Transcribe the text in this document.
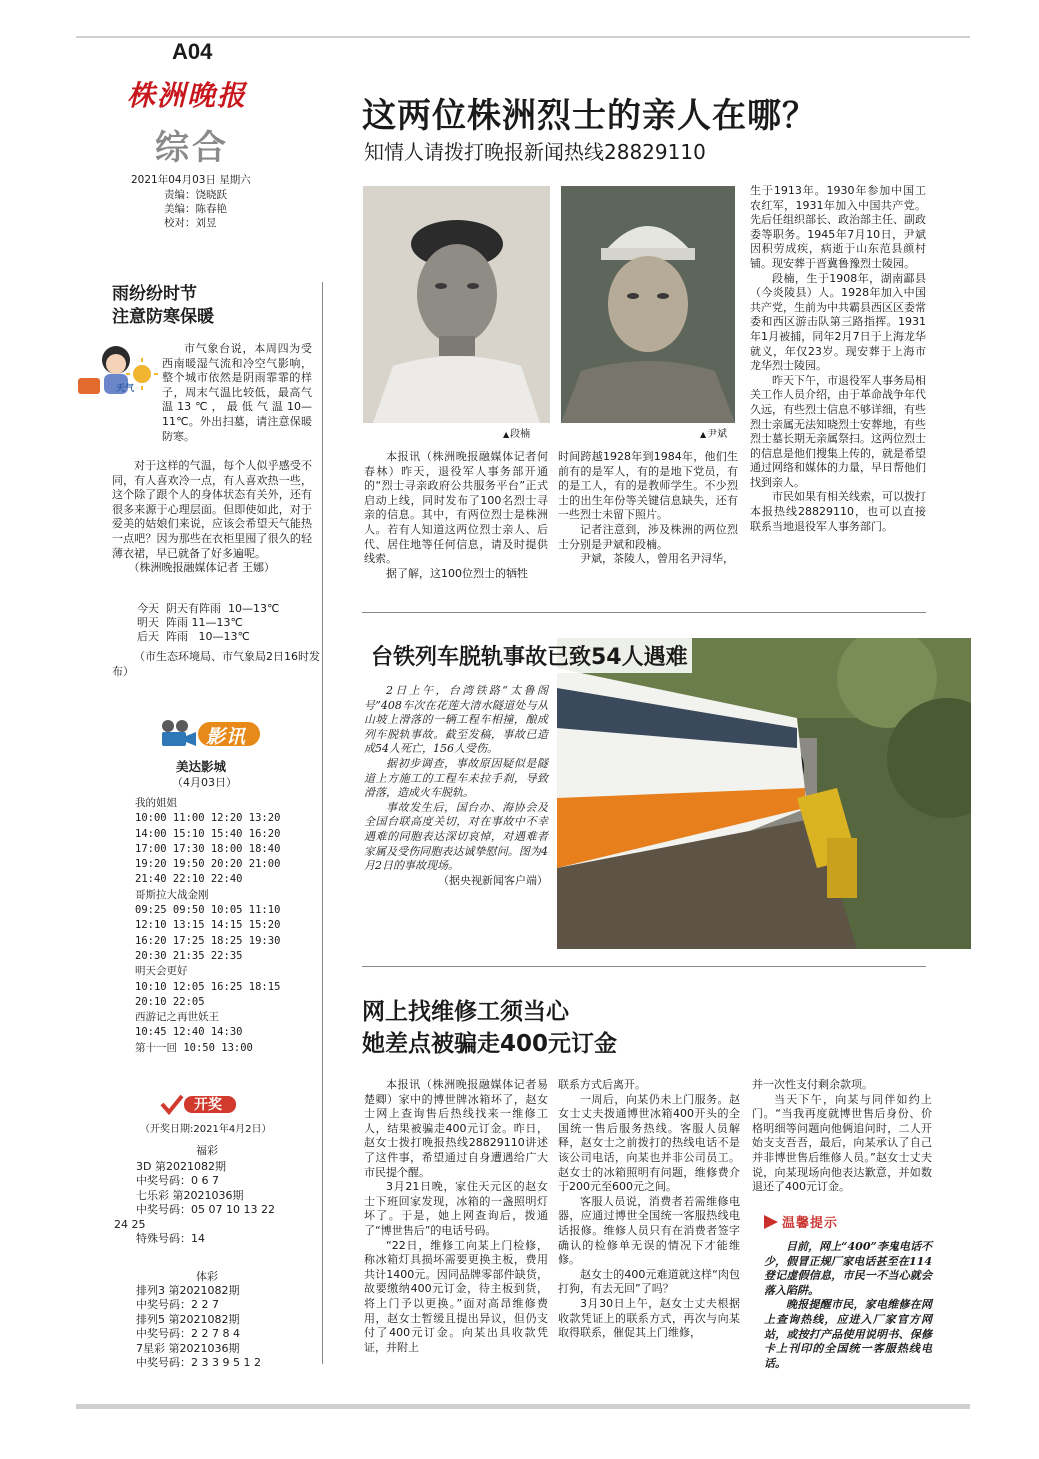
A04
株洲晚报
综合
2021年04月03日 星期六
责编：饶晓跃
美编：陈春艳
校对：刘昱
雨纷纷时节
注意防寒保暖
天气

市气象台说，本周四为受西南暖湿气流和冷空气影响，整个城市依然是阴雨霏霏的样子，周末气温比较低，最高气温13℃，最低气温10—11℃。外出扫墓，请注意保暖防寒。

对于这样的气温，每个人似乎感受不同，有人喜欢冷一点，有人喜欢热一些，这个除了跟个人的身体状态有关外，还有很多来源于心理层面。但即使如此，对于爱美的姑娘们来说，应该会希望天气能热一点吧？因为那些在衣柜里囤了很久的轻薄衣裙，早已就备了好多遍呢。

（株洲晚报融媒体记者 王娜）

今天  阴天有阵雨  10—13℃
明天  阵雨 11—13℃
后天  阵雨   10—13℃
（市生态环境局、市气象局2日16时发布）
影讯
美达影城
（4月03日）
我的姐姐
10:00 11:00 12:20 13:20
14:00 15:10 15:40 16:20
17:00 17:30 18:00 18:40
19:20 19:50 20:20 21:00
21:40 22:10 22:40
哥斯拉大战金刚
09:25 09:50 10:05 11:10
12:10 13:15 14:15 15:20
16:20 17:25 18:25 19:30
20:30 21:35 22:35
明天会更好
10:10 12:05 16:25 18:15
20:10 22:05
西游记之再世妖王
10:45 12:40 14:30
第十一回 10:50 13:00
开奖
（开奖日期:2021年4月2日）
福彩
3D 第2021082期
中奖号码：0 6 7
七乐彩 第2021036期
中奖号码：05 07 10 13 22
24 25
特殊号码：14
体彩
排列3 第2021082期
中奖号码：2 2 7
排列5 第2021082期
中奖号码：2 2 7 8 4
7星彩 第2021036期
中奖号码：2 3 3 9 5 1 2
这两位株洲烈士的亲人在哪？
知情人请拨打晚报新闻热线28829110
▲ 段楠
▲	尹斌

本报讯（株洲晚报融媒体记者何春林）昨天，退役军人事务部开通的“烈士寻亲政府公共服务平台”正式启动上线，同时发布了100名烈士寻亲的信息。其中，有两位烈士是株洲人。若有人知道这两位烈士亲人、后代、居住地等任何信息，请及时提供线索。

据了解，这100位烈士的牺牲

时间跨越1928年到1984年，他们生前有的是军人，有的是地下党员，有的是工人，有的是教师学生。不少烈士的出生年份等关键信息缺失，还有一些烈士未留下照片。

记者注意到，涉及株洲的两位烈士分别是尹斌和段楠。

尹斌，茶陵人，曾用名尹浔华，

生于1913年。1930年参加中国工农红军，1931年加入中国共产党。先后任组织部长、政治部主任、副政委等职务。1945年7月10日，尹斌因积劳成疾，病逝于山东范县颜村铺。现安葬于晋冀鲁豫烈士陵园。

段楠，生于1908年，湖南酃县（今炎陵县）人。1928年加入中国共产党，生前为中共霸县西区区委常委和西区游击队第三路指挥。1931年1月被捕，同年2月7日于上海龙华就义，年仅23岁。现安葬于上海市龙华烈士陵园。

昨天下午，市退役军人事务局相关工作人员介绍，由于革命战争年代久远，有些烈士信息不够详细，有些烈士亲属无法知晓烈士安葬地，有些烈士墓长期无亲属祭扫。这两位烈士的信息是他们搜集上传的，就是希望通过网络和媒体的力量，早日帮他们找到亲人。

市民如果有相关线索，可以拨打本报热线28829110，也可以直接联系当地退役军人事务部门。

台铁列车脱轨事故已致54人遇难

2日上午，台湾铁路“太鲁阁号”408车次在花莲大清水隧道处与从山坡上滑落的一辆工程车相撞，酿成列车脱轨事故。截至发稿，事故已造成54人死亡，156人受伤。

据初步调查，事故原因疑似是隧道上方施工的工程车未拉手刹，导致滑落，造成火车脱轨。

事故发生后，国台办、海协会及全国台联高度关切，对在事故中不幸遇难的同胞表达深切哀悼，对遇难者家属及受伤同胞表达诚挚慰问。图为4月2日的事故现场。

（据央视新闻客户端）

网上找维修工须当心
她差点被骗走400元订金

本报讯（株洲晚报融媒体记者易楚卿）家中的博世牌冰箱坏了，赵女士网上查询售后热线找来一维修工人，结果被骗走400元订金。昨日，赵女士拨打晚报热线28829110讲述了这件事，希望通过自身遭遇给广大市民提个醒。

3月21日晚，家住天元区的赵女士下班回家发现，冰箱的一盏照明灯坏了。于是，她上网查询后，拨通了“博世售后”的电话号码。

“22日，维修工向某上门检修，称冰箱灯具损坏需要更换主板，费用共计1400元。因同品牌零部件缺货，故要缴纳400元订金，待主板到货，将上门予以更换。”面对高昂维修费用，赵女士暂缓且提出异议，但仍支付了400元订金。向某出具收款凭证，并附上

联系方式后离开。

一周后，向某仍未上门服务。赵女士丈夫拨通博世冰箱400开头的全国统一售后服务热线。客服人员解释，赵女士之前拨打的热线电话不是该公司电话，向某也并非公司员工。赵女士的冰箱照明有问题，维修费介于200元至600元之间。

客服人员说，消费者若需维修电器，应通过博世全国统一客服热线电话报修。维修人员只有在消费者签字确认的检修单无误的情况下才能维修。

赵女士的400元难道就这样“肉包打狗，有去无回”了吗？

3月30日上午，赵女士丈夫根据收款凭证上的联系方式，再次与向某取得联系，催促其上门维修，

并一次性支付剩余款项。

当天下午，向某与同伴如约上门。“当我再度就博世售后身份、价格明细等问题向他俩追问时，二人开始支支吾吾，最后，向某承认了自己并非博世售后维修人员。”赵女士丈夫说，向某现场向他表达歉意，并如数退还了400元订金。

温馨提示

目前，网上“400”李鬼电话不少，假冒正规厂家电话甚至在114登记虚假信息，市民一不当心就会落入陷阱。

晚报提醒市民，家电维修在网上查询热线，应进入厂家官方网站，或按打产品使用说明书、保修卡上刊印的全国统一客服热线电话。
